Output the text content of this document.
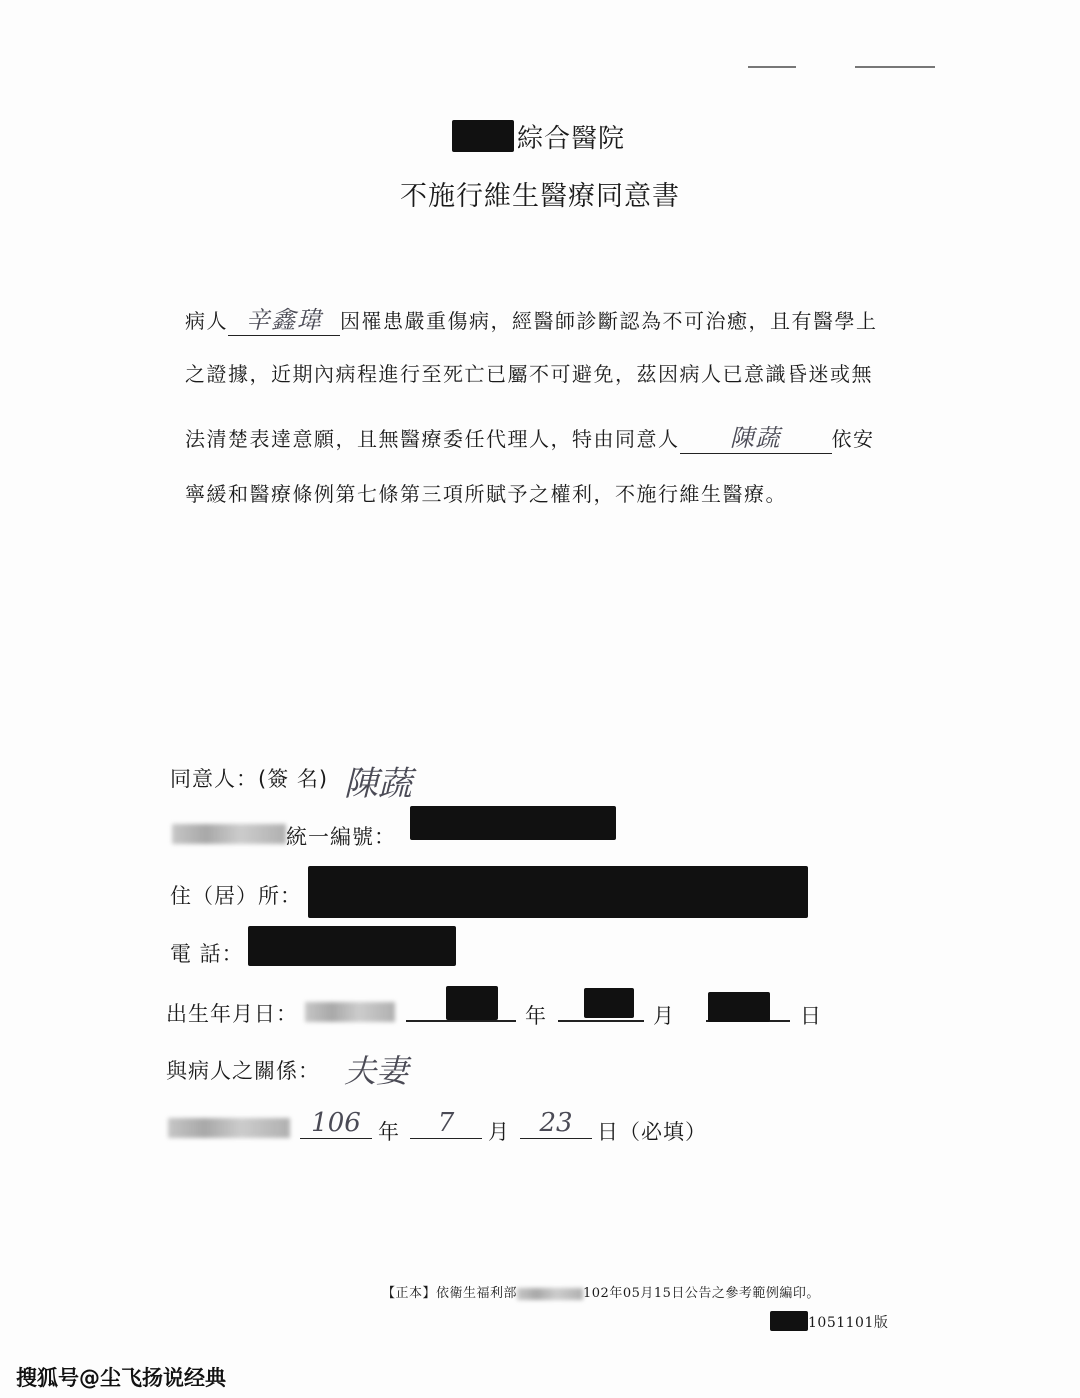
綜合醫院
不施行維生醫療同意書
病人 辛鑫瑋 因罹患嚴重傷病，經醫師診斷認為不可治癒，且有醫學上
之證據，近期內病程進行至死亡已屬不可避免，茲因病人已意識昏迷或無
法清楚表達意願，且無醫療委任代理人，特由同意人 陳蔬	依安
寧緩和醫療條例第七條第三項所賦予之權利，不施行維生醫療。
同意人：(簽 名) 陳蔬
統一編號：
住（居）所：
電 話：
出生年月日：	年	月	日
與病人之關係： 夫妻
106 年	7	月	23	日（必填）
【正本】依衛生福利部	102年05月15日公告之參考範例編印。
1051101版
搜狐号@尘飞扬说经典
